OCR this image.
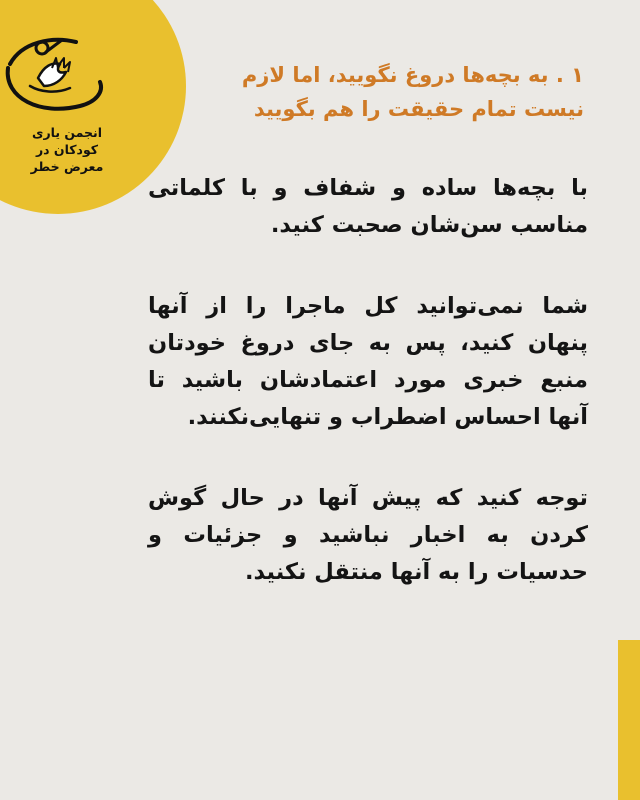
انجمن یاری
کودکان در
معرض خطر
۱ . به بچه‌ها دروغ نگویید، اما لازم
نیست تمام حقیقت را هم بگویید

با بچه‌ها ساده و شفاف و با کلماتی مناسب سن‌شان صحبت کنید.

شما نمی‌توانید کل ماجرا را از آنها پنهان کنید، پس به جای دروغ خودتان منبع خبری مورد اعتمادشان باشید تا آنها احساس اضطراب و تنهایی‌نکنند.

توجه کنید که پیش آنها در حال گوش کردن به اخبار نباشید و جزئیات و حدسیات را به آنها منتقل نکنید.
